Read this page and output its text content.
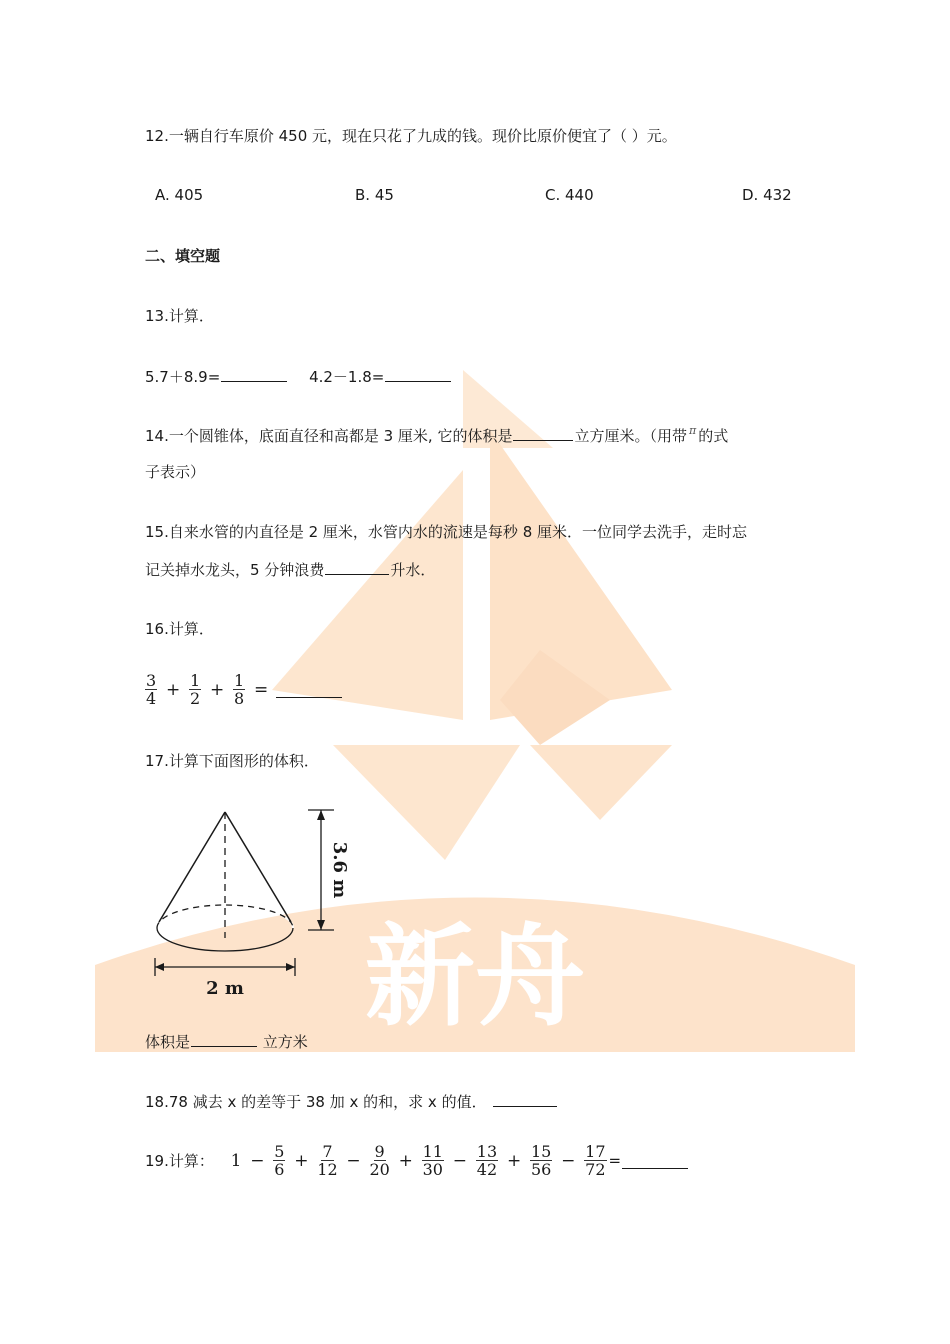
新舟
12.一辆自行车原价 450 元，现在只花了九成的钱。现价比原价便宜了（ ）元。
A. 405	B. 45	C. 440	D. 432
二、填空题
13.计算．
5.7＋8.9=	4.2－1.8=
14.一个圆锥体，底面直径和高都是 3 厘米, 它的体积是	立方厘米。（用带 π 的式
子表示）
15.自来水管的内直径是 2 厘米，水管内水的流速是每秒 8 厘米．一位同学去洗手，走时忘
记关掉水龙头，5 分钟浪费	升水．
16.计算．
$\frac{3}{4} + \frac{1}{2} + \frac{1}{8}$ =
17.计算下面图形的体积．
2 m
3.6 m
体积是	立方米
18.78 减去 x 的差等于 38 加 x 的和，求 x 的值．
19.计算： $1 - \frac{5}{6} + \frac{7}{12} - \frac{9}{20} + \frac{11}{30} - \frac{13}{42} + \frac{15}{56} - \frac{17}{72}$ =
